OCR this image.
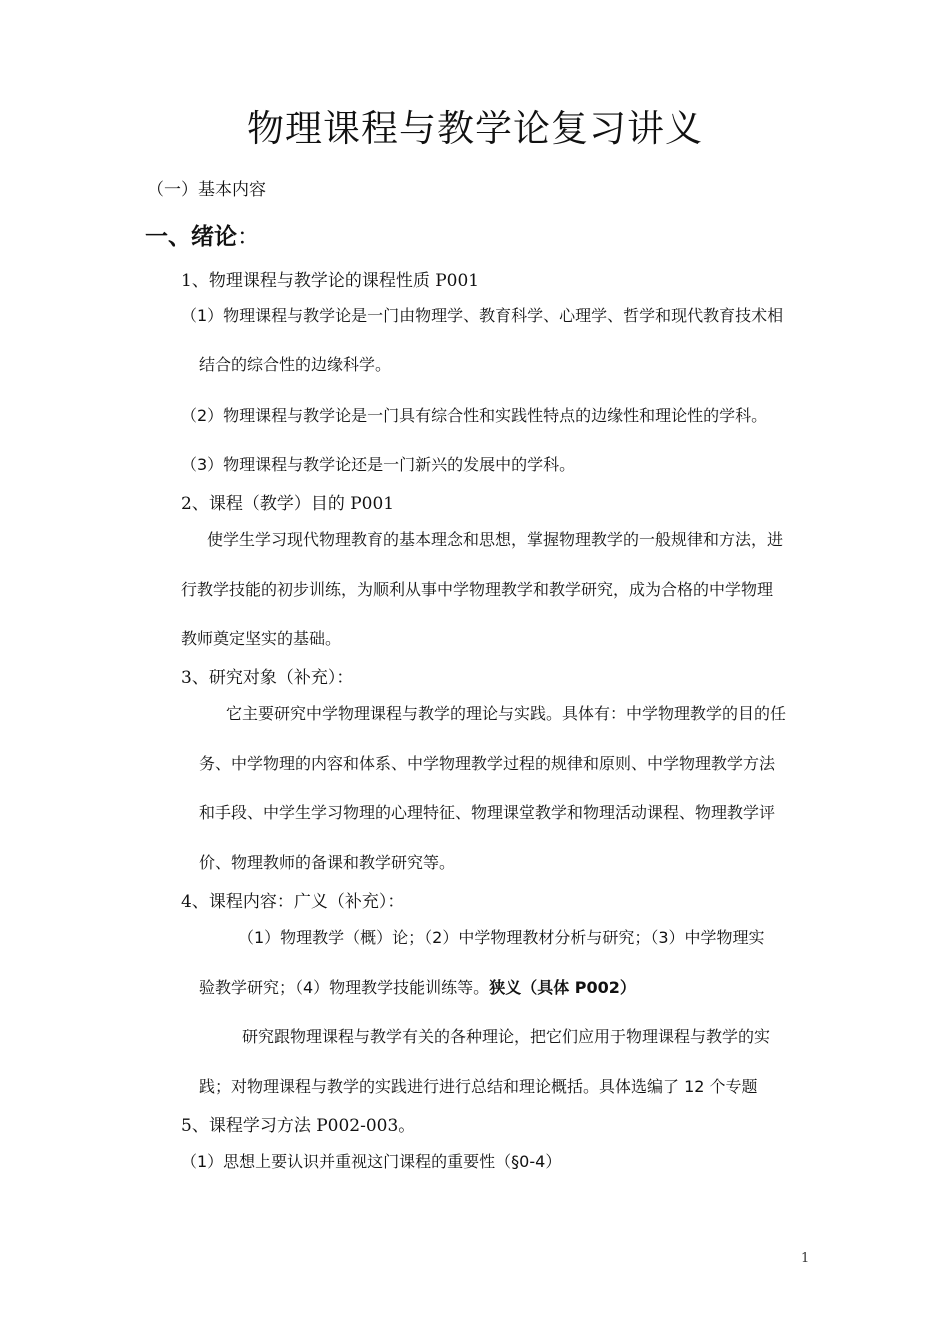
物理课程与教学论复习讲义
（一）基本内容
一、绪论：
1、物理课程与教学论的课程性质 P001
（1）物理课程与教学论是一门由物理学、教育科学、心理学、哲学和现代教育技术相
结合的综合性的边缘科学。
（2）物理课程与教学论是一门具有综合性和实践性特点的边缘性和理论性的学科。
（3）物理课程与教学论还是一门新兴的发展中的学科。
2、课程（教学）目的 P001
使学生学习现代物理教育的基本理念和思想，掌握物理教学的一般规律和方法，进
行教学技能的初步训练，为顺利从事中学物理教学和教学研究，成为合格的中学物理
教师奠定坚实的基础。
3、研究对象（补充）：
它主要研究中学物理课程与教学的理论与实践。具体有：中学物理教学的目的任
务、中学物理的内容和体系、中学物理教学过程的规律和原则、中学物理教学方法
和手段、中学生学习物理的心理特征、物理课堂教学和物理活动课程、物理教学评
价、物理教师的备课和教学研究等。
4、课程内容：广义（补充）：
（1）物理教学（概）论；（2）中学物理教材分析与研究；（3）中学物理实
验教学研究；（4）物理教学技能训练等。狭义（具体 P002）
研究跟物理课程与教学有关的各种理论，把它们应用于物理课程与教学的实
践；对物理课程与教学的实践进行进行总结和理论概括。具体选编了 12 个专题
5、课程学习方法 P002-003。
（1）思想上要认识并重视这门课程的重要性（§0-4）
1
